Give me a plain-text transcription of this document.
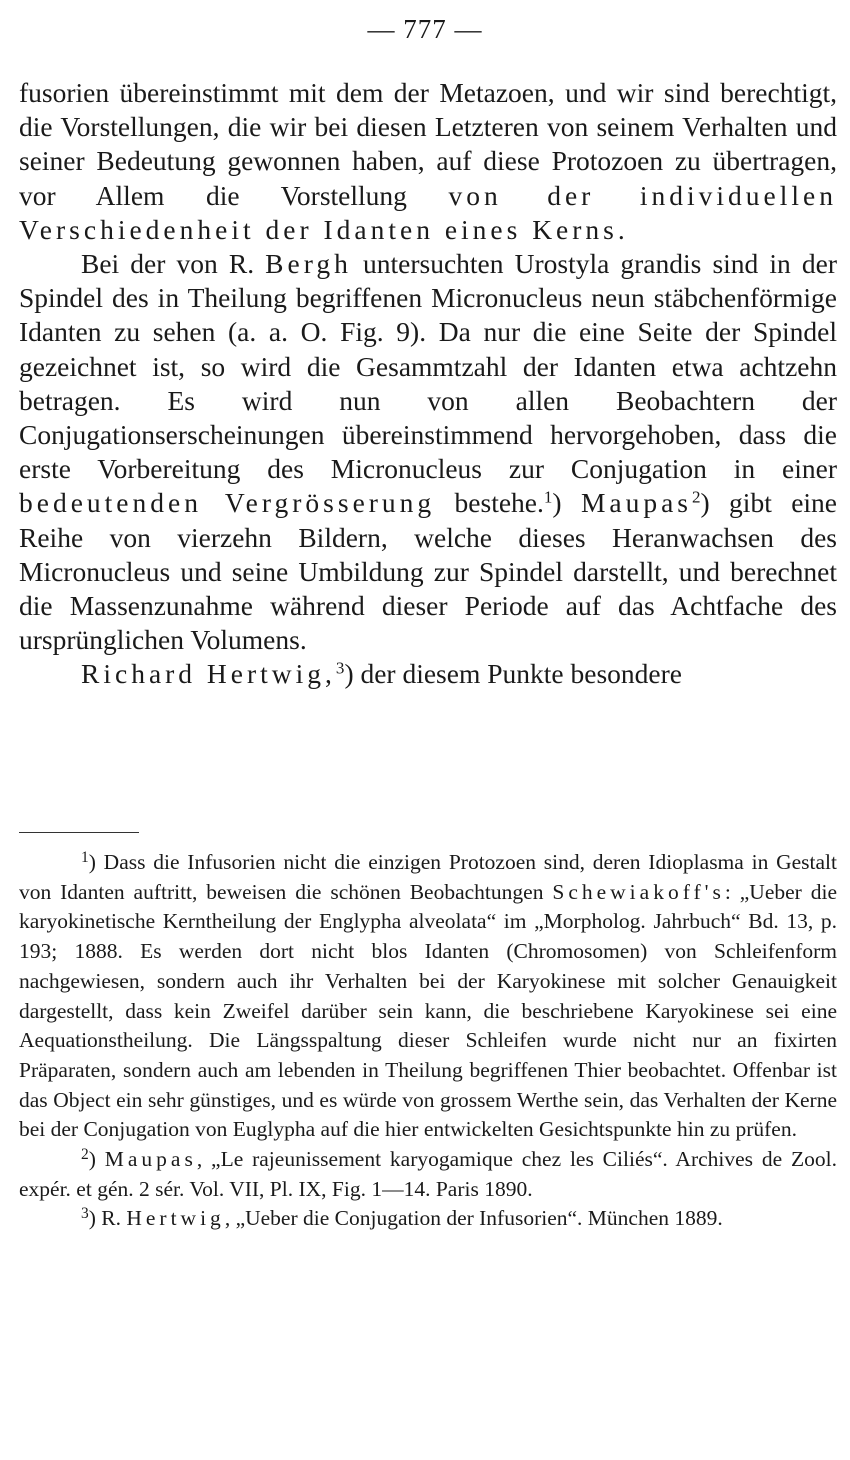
— 777 —

fusorien übereinstimmt mit dem der Metazoen, und wir sind berechtigt, die Vorstellungen, die wir bei diesen Letzteren von seinem Verhalten und seiner Bedeutung gewonnen haben, auf diese Protozoen zu übertragen, vor Allem die Vorstellung von der individuellen Verschiedenheit der Idanten eines Kerns.

Bei der von R. Bergh untersuchten Urostyla grandis sind in der Spindel des in Theilung begriffenen Micronucleus neun stäbchenförmige Idanten zu sehen (a. a. O. Fig. 9). Da nur die eine Seite der Spindel gezeichnet ist, so wird die Gesammtzahl der Idanten etwa achtzehn betragen. Es wird nun von allen Beobachtern der Conjugationserscheinungen übereinstimmend hervorgehoben, dass die erste Vorbereitung des Micronucleus zur Conjugation in einer bedeutenden Vergrösserung bestehe.$^1$) Maupas$^2$) gibt eine Reihe von vierzehn Bildern, welche dieses Heranwachsen des Micronucleus und seine Umbildung zur Spindel darstellt, und berechnet die Massenzunahme während dieser Periode auf das Achtfache des ursprünglichen Volumens.

Richard Hertwig,$^3$) der diesem Punkte besondere

$^1$) Dass die Infusorien nicht die einzigen Protozoen sind, deren Idioplasma in Gestalt von Idanten auftritt, beweisen die schönen Beobachtungen Schewiakoff's: „Ueber die karyokinetische Kerntheilung der Englypha alveolata“ im „Morpholog. Jahrbuch“ Bd. 13, p. 193; 1888. Es werden dort nicht blos Idanten (Chromosomen) von Schleifenform nachgewiesen, sondern auch ihr Verhalten bei der Karyokinese mit solcher Genauigkeit dargestellt, dass kein Zweifel darüber sein kann, die beschriebene Karyokinese sei eine Aequationstheilung. Die Längsspaltung dieser Schleifen wurde nicht nur an fixirten Präparaten, sondern auch am lebenden in Theilung begriffenen Thier beobachtet. Offenbar ist das Object ein sehr günstiges, und es würde von grossem Werthe sein, das Verhalten der Kerne bei der Conjugation von Euglypha auf die hier entwickelten Gesichtspunkte hin zu prüfen.

$^2$) Maupas, „Le rajeunissement karyogamique chez les Ciliés“. Archives de Zool. expér. et gén. 2 sér. Vol. VII, Pl. IX, Fig. 1—14. Paris 1890.

$^3$) R. Hertwig, „Ueber die Conjugation der Infusorien“. München 1889.
